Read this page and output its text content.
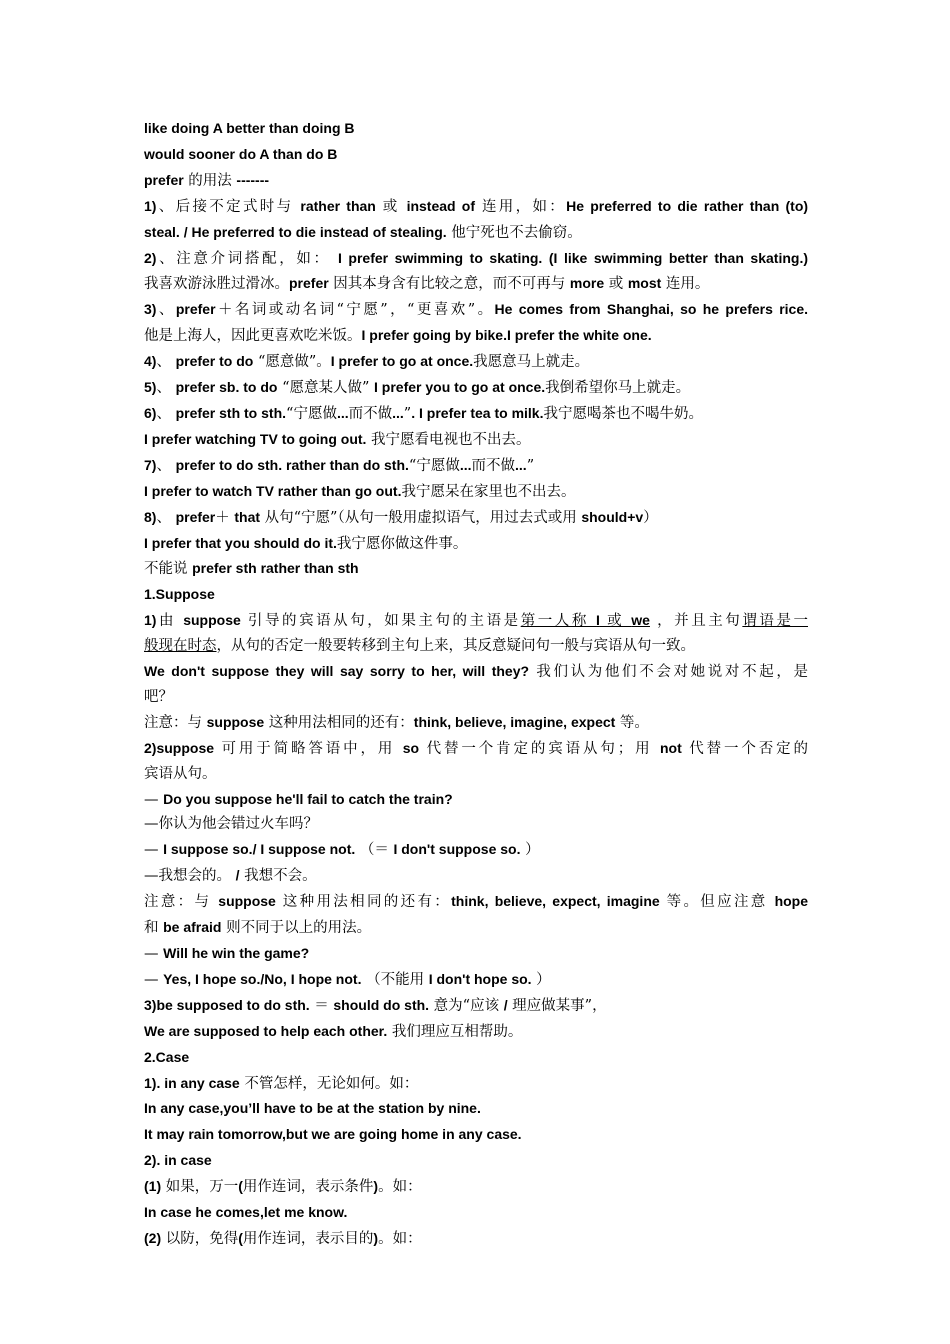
like doing A better than doing B
would sooner do A than do B
prefer 的用法 -------
1)、后接不定式时与 rather than 或 instead of 连用，如：He preferred to die rather than (to)
steal. / He preferred to die instead of stealing. 他宁死也不去偷窃。
2)、注意介词搭配，如： I prefer swimming to skating. (I like swimming better than skating.)
我喜欢游泳胜过滑冰。prefer 因其本身含有比较之意，而不可再与 more 或 most 连用。
3)、prefer＋名词或动名词“宁愿”，“更喜欢”。He comes from Shanghai, so he prefers rice.
他是上海人，因此更喜欢吃米饭。I prefer going by bike.I prefer the white one.
4)、 prefer to do “愿意做”。I prefer to go at once.我愿意马上就走。
5)、 prefer sb. to do “愿意某人做” I prefer you to go at once.我倒希望你马上就走。
6)、 prefer sth to sth.“宁愿做...而不做...”. I prefer tea to milk.我宁愿喝茶也不喝牛奶。
I prefer watching TV to going out. 我宁愿看电视也不出去。
7)、 prefer to do sth. rather than do sth.“宁愿做...而不做...”
I prefer to watch TV rather than go out.我宁愿呆在家里也不出去。
8)、 prefer＋ that 从句“宁愿”（从句一般用虚拟语气，用过去式或用 should+v）
I prefer that you should do it.我宁愿你做这件事。
不能说 prefer sth rather than sth
1.Suppose
1)由 suppose 引导的宾语从句，如果主句的主语是第一人称 I 或 we ，并且主句谓语是一
般现在时态，从句的否定一般要转移到主句上来，其反意疑问句一般与宾语从句一致。
We don't suppose they will say sorry to her, will they? 我们认为他们不会对她说对不起，是
吧？
注意：与 suppose 这种用法相同的还有：think, believe, imagine, expect 等。
2)suppose 可用于简略答语中，用 so 代替一个肯定的宾语从句；用 not 代替一个否定的
宾语从句。
— Do you suppose he'll fail to catch the train?
—你认为他会错过火车吗？
— I suppose so./ I suppose not. （＝ I don't suppose so. ）
—我想会的。 / 我想不会。
注意：与 suppose 这种用法相同的还有：think, believe, expect, imagine 等。但应注意 hope
和 be afraid 则不同于以上的用法。
— Will he win the game?
— Yes, I hope so./No, I hope not. （不能用 I don't hope so. ）
3)be supposed to do sth. ＝ should do sth. 意为“应该 / 理应做某事”，
We are supposed to help each other. 我们理应互相帮助。
2.Case
1). in any case 不管怎样，无论如何。如：
In any case,you’ll have to be at the station by nine.
It may rain tomorrow,but we are going home in any case.
2). in case
(1) 如果，万一(用作连词，表示条件)。如：
In case he comes,let me know.
(2) 以防，免得(用作连词，表示目的)。如：
